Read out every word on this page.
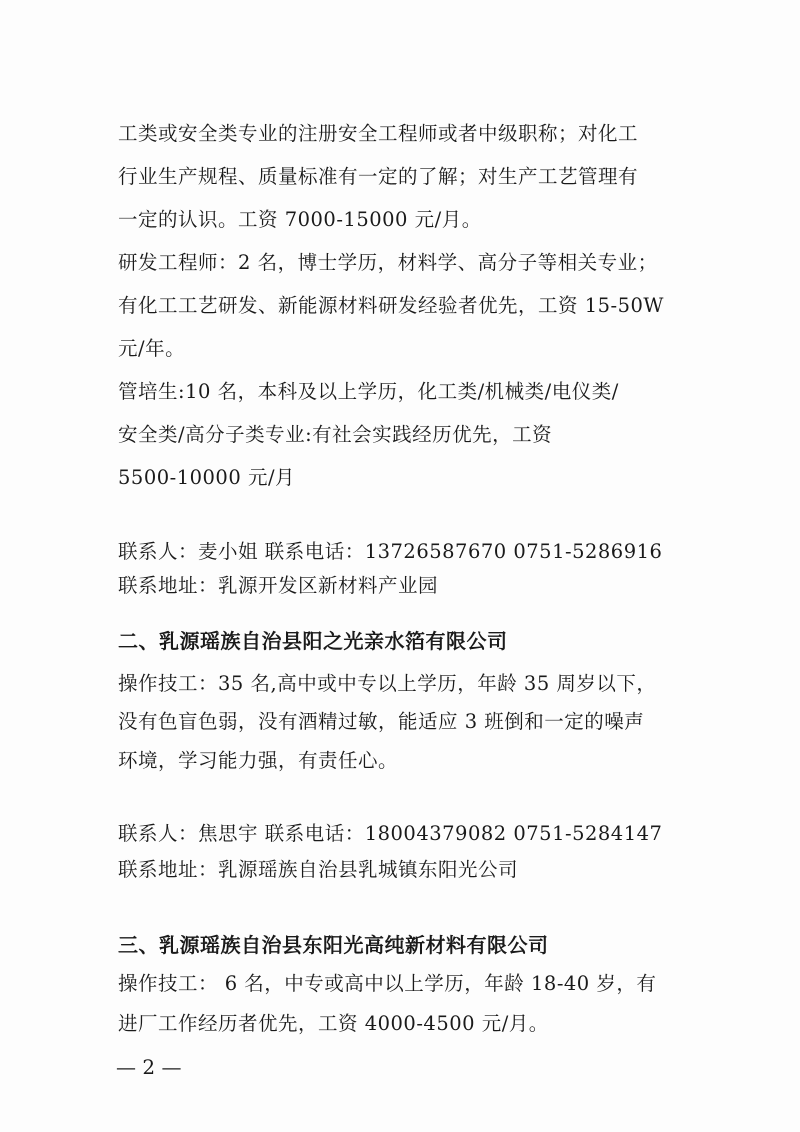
工类或安全类专业的注册安全工程师或者中级职称；对化工
行业生产规程、质量标准有一定的了解；对生产工艺管理有
一定的认识。工资 7000-15000 元/月。
研发工程师：2 名，博士学历，材料学、高分子等相关专业；
有化工工艺研发、新能源材料研发经验者优先，工资 15-50W
元/年。
管培生:10 名，本科及以上学历，化工类/机械类/电仪类/
安全类/高分子类专业:有社会实践经历优先，工资
5500-10000 元/月
联系人：麦小姐 联系电话：13726587670 0751-5286916
联系地址：乳源开发区新材料产业园
二、乳源瑶族自治县阳之光亲水箔有限公司
操作技工：35 名,高中或中专以上学历，年龄 35 周岁以下，
没有色盲色弱，没有酒精过敏，能适应 3 班倒和一定的噪声
环境，学习能力强，有责任心。
联系人：焦思宇 联系电话：18004379082 0751-5284147
联系地址：乳源瑶族自治县乳城镇东阳光公司
三、乳源瑶族自治县东阳光高纯新材料有限公司
操作技工： 6 名，中专或高中以上学历，年龄 18-40 岁，有
进厂工作经历者优先，工资 4000-4500 元/月。
— 2 —
